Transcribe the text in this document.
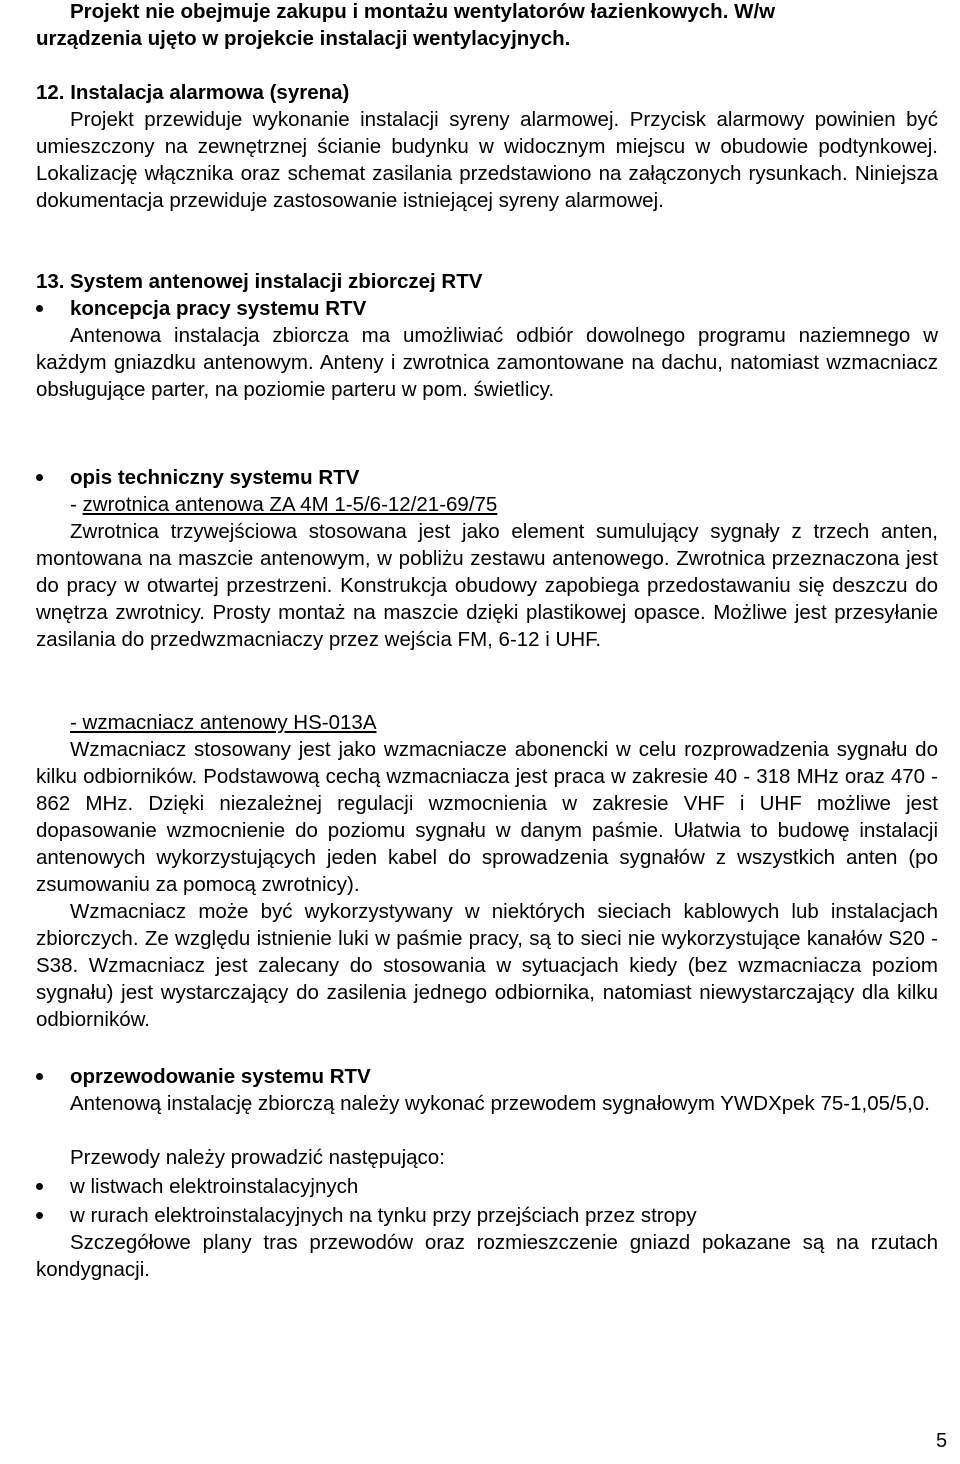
Projekt nie obejmuje zakupu i montażu wentylatorów łazienkowych. W/w

urządzenia ujęto w projekcie instalacji wentylacyjnych.

12. Instalacja alarmowa (syrena)

Projekt przewiduje wykonanie instalacji syreny alarmowej. Przycisk alarmowy powinien być umieszczony na zewnętrznej ścianie budynku w widocznym miejscu w obudowie podtynkowej. Lokalizację włącznika oraz schemat zasilania przedstawiono na załączonych rysunkach. Niniejsza dokumentacja przewiduje zastosowanie istniejącej syreny alarmowej.

13. System antenowej instalacji zbiorczej RTV

koncepcja pracy systemu RTV

Antenowa instalacja zbiorcza ma umożliwiać odbiór dowolnego programu naziemnego w każdym gniazdku antenowym. Anteny i zwrotnica zamontowane na dachu, natomiast wzmacniacz obsługujące parter, na poziomie parteru w pom. świetlicy.

opis techniczny systemu RTV

- zwrotnica antenowa ZA 4M 1-5/6-12/21-69/75

Zwrotnica trzywejściowa stosowana jest jako element sumulujący sygnały z trzech anten, montowana na maszcie antenowym, w pobliżu zestawu antenowego. Zwrotnica przeznaczona jest do pracy w otwartej przestrzeni. Konstrukcja obudowy zapobiega przedostawaniu się deszczu do wnętrza zwrotnicy. Prosty montaż na maszcie dzięki plastikowej opasce. Możliwe jest przesyłanie zasilania do przedwzmacniaczy przez wejścia FM, 6-12 i UHF.

- wzmacniacz antenowy HS-013A

Wzmacniacz stosowany jest jako wzmacniacze abonencki w celu rozprowadzenia sygnału do kilku odbiorników. Podstawową cechą wzmacniacza jest praca w zakresie 40 - 318 MHz oraz 470 - 862 MHz. Dzięki niezależnej regulacji wzmocnienia w zakresie VHF i UHF możliwe jest dopasowanie wzmocnienie do poziomu sygnału w danym paśmie. Ułatwia to budowę instalacji antenowych wykorzystujących jeden kabel do sprowadzenia sygnałów z wszystkich anten (po zsumowaniu za pomocą zwrotnicy).

Wzmacniacz może być wykorzystywany w niektórych sieciach kablowych lub instalacjach zbiorczych. Ze względu istnienie luki w paśmie pracy, są to sieci nie wykorzystujące kanałów S20 - S38. Wzmacniacz jest zalecany do stosowania w sytuacjach kiedy (bez wzmacniacza poziom sygnału) jest wystarczający do zasilenia jednego odbiornika, natomiast niewystarczający dla kilku odbiorników.

oprzewodowanie systemu RTV

Antenową instalację zbiorczą należy wykonać przewodem sygnałowym YWDXpek 75-1,05/5,0.

Przewody należy prowadzić następująco:

w listwach elektroinstalacyjnych

w rurach elektroinstalacyjnych na tynku przy przejściach przez stropy

Szczegółowe plany tras przewodów oraz rozmieszczenie gniazd pokazane są na rzutach kondygnacji.

5
